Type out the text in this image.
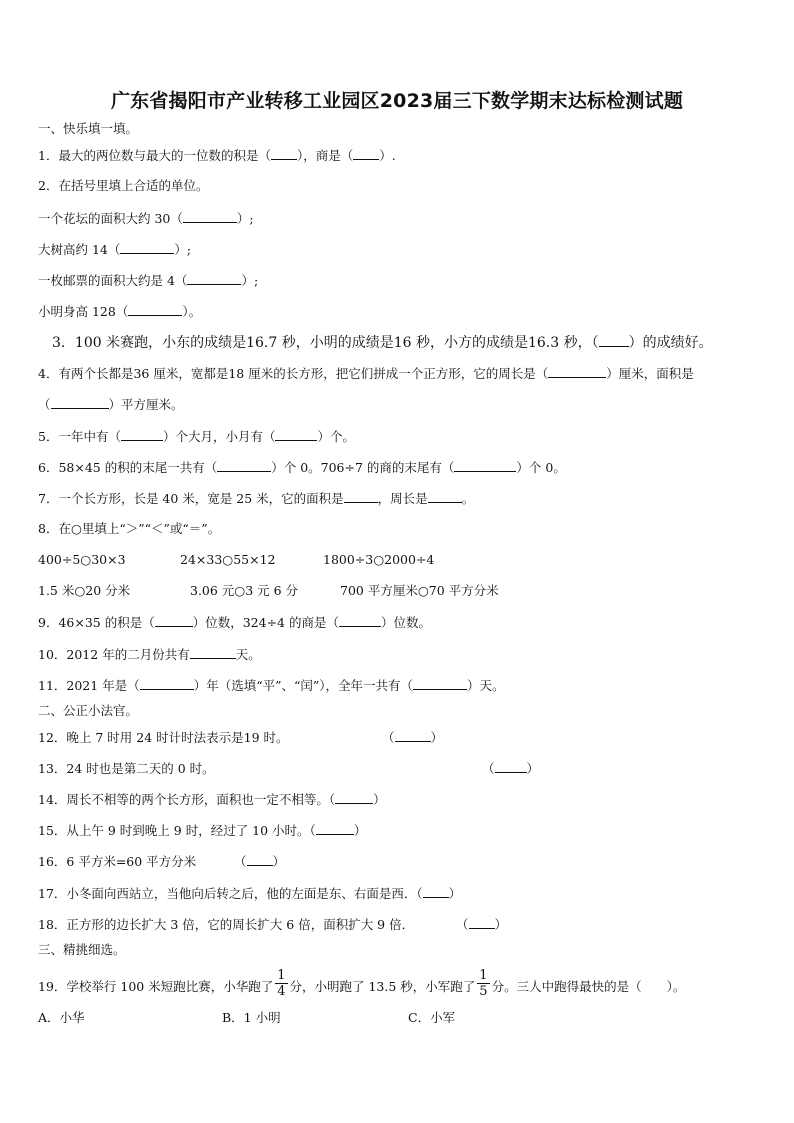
广东省揭阳市产业转移工业园区2023届三下数学期末达标检测试题
一、快乐填一填。
1．最大的两位数与最大的一位数的积是（ ），商是（ ）.
2．在括号里填上合适的单位。
一个花坛的面积大约 30（	）;
大树高约 14（	）;
一枚邮票的面积大约是 4（	）;
小明身高 128（	）。
3．100 米赛跑，小东的成绩是16.7 秒，小明的成绩是16 秒，小方的成绩是16.3 秒，（ ）的成绩好。
4．有两个长都是36 厘米，宽都是18 厘米的长方形，把它们拼成一个正方形，它的周长是（	）厘米，面积是
（	）平方厘米。
5．一年中有（	）个大月，小月有（	）个。
6．58×45 的积的末尾一共有（	）个 0。706÷7 的商的末尾有（	）个 0。
7．一个长方形，长是 40 米，宽是 25 米，它的面积是	，周长是	。
8．在○里填上“＞”“＜”或“＝”。
400÷5○30×3	24×33○55×12	1800÷3○2000÷4
1.5 米○20 分米	3.06 元○3 元 6 分	700 平方厘米○70 平方分米
9．46×35 的积是（	）位数，324÷4 的商是（	）位数。
10．2012 年的二月份共有	天。
11．2021 年是（	）年（选填“平”、“闰”），全年一共有（	）天。
二、公正小法官。
12．晚上 7 时用 24 时计时法表示是19 时。	（	）
13．24 时也是第二天的 0 时。	（	）
14．周长不相等的两个长方形，面积也一定不相等。（	）
15．从上午 9 时到晚上 9 时，经过了 10 小时。（	）
16．6 平方米=60 平方分米	（ ）
17．小冬面向西站立，当他向后转之后，他的左面是东、右面是西．（ ）
18．正方形的边长扩大 3 倍，它的周长扩大 6 倍，面积扩大 9 倍．	（ ）
三、精挑细选。
19．学校举行 100 米短跑比赛，小华跑了 $\frac{1}{4}$ 分，小明跑了 13.5 秒，小军跑了 $\frac{1}{5}$ 分。三人中跑得最快的是（　　）。
A．小华	B．1 小明	C．小军
